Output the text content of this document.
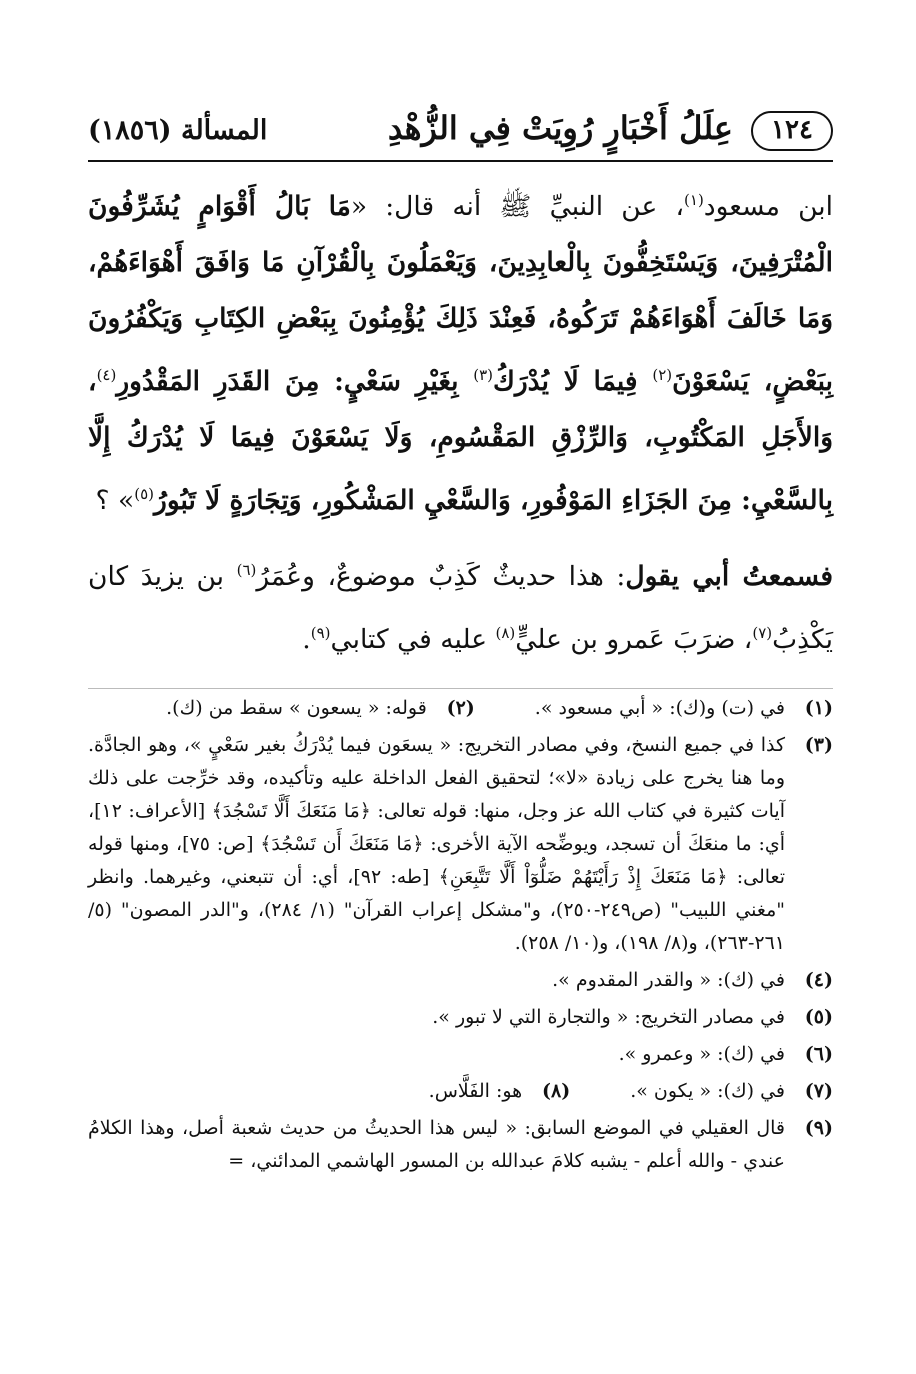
١٢٤
عِلَلُ أَخْبَارٍ رُوِيَتْ فِي الزُّهْدِ
المسألة (١٨٥٦)

ابن مسعود$^{(١)}$، عن النبيِّ ﷺ أنه قال: «مَا بَالُ أَقْوَامٍ يُشَرِّفُونَ الْمُتْرَفِينَ، وَيَسْتَخِفُّونَ بِالْعابِدِينَ، وَيَعْمَلُونَ بِالْقُرْآنِ مَا وَافَقَ أَهْوَاءَهُمْ، وَمَا خَالَفَ أَهْوَاءَهُمْ تَرَكُوهُ، فَعِنْدَ ذَلِكَ يُؤْمِنُونَ بِبَعْضِ الكِتَابِ وَيَكْفُرُونَ بِبَعْضٍ، يَسْعَوْنَ$^{(٢)}$ فِيمَا لَا يُدْرَكُ$^{(٣)}$ بِغَيْرِ سَعْيٍ: مِنَ القَدَرِ المَقْدُورِ$^{(٤)}$، وَالأَجَلِ المَكْتُوبِ، وَالرِّزْقِ المَقْسُومِ، وَلَا يَسْعَوْنَ فِيمَا لَا يُدْرَكُ إِلَّا بِالسَّعْيِ: مِنَ الجَزَاءِ المَوْفُورِ، وَالسَّعْيِ المَشْكُورِ، وَتِجَارَةٍ لَا تَبُورُ$^{(٥)}$» ؟

فسمعتُ أبي يقول: هذا حديثٌ كَذِبٌ موضوعٌ، وعُمَرُ$^{(٦)}$ بن يزيدَ كان يَكْذِبُ$^{(٧)}$، ضرَبَ عَمرو بن عليٍّ$^{(٨)}$ عليه في كتابي$^{(٩)}$.

(١)
في (ت) و(ك): « أبي مسعود ».
(٢)
قوله: « يسعون » سقط من (ك).
(٣)
كذا في جميع النسخ، وفي مصادر التخريج: « يسعَون فيما يُدْرَكُ بغير سَعْيٍ »، وهو الجادَّة. وما هنا يخرج على زيادة «لا»؛ لتحقيق الفعل الداخلة عليه وتأكيده، وقد خرِّجت على ذلك آيات كثيرة في كتاب الله عز وجل، منها: قوله تعالى: ﴿مَا مَنَعَكَ أَلَّا تَسْجُدَ﴾ [الأعراف: ١٢]، أي: ما منعَكَ أن تسجد، ويوضِّحه الآية الأخرى: ﴿مَا مَنَعَكَ أَن تَسْجُدَ﴾ [ص: ٧٥]، ومنها قوله تعالى: ﴿مَا مَنَعَكَ إِذْ رَأَيْتَهُمْ ضَلُّوٓاْ أَلَّا تَتَّبِعَنِ﴾ [طه: ٩٢]، أي: أن تتبعني، وغيرهما. وانظر "مغني اللبيب" (ص٢٤٩-٢٥٠)، و"مشكل إعراب القرآن" (١/ ٢٨٤)، و"الدر المصون" (٥/ ٢٦١-٢٦٣)، و(٨/ ١٩٨)، و(١٠/ ٢٥٨).
(٤)
في (ك): « والقدر المقدوم ».
(٥)
في مصادر التخريج: « والتجارة التي لا تبور ».
(٦)
في (ك): « وعمرو ».
(٧)
في (ك): « يكون ».
(٨)
هو: الفَلَّاس.
(٩)
قال العقيلي في الموضع السابق: « ليس هذا الحديثُ من حديث شعبة أصل، وهذا الكلامُ عندي - والله أعلم - يشبه كلامَ عبدالله بن المسور الهاشمي المدائني، =
